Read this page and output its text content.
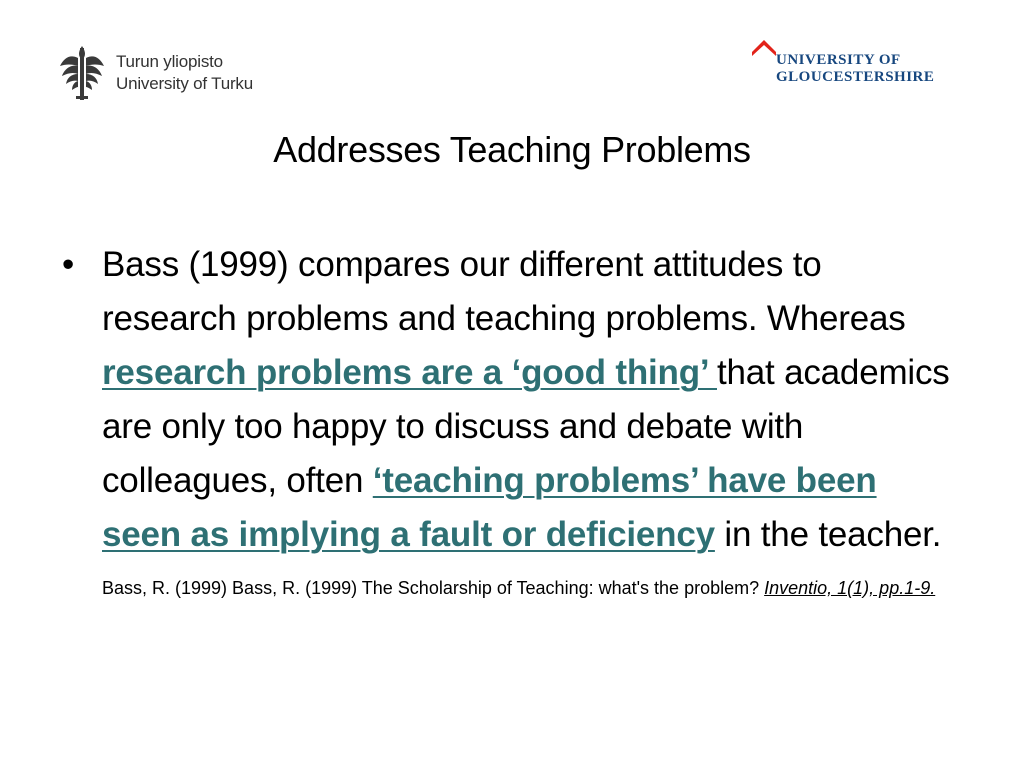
Turun yliopisto
University of Turku
UNIVERSITY OF
GLOUCESTERSHIRE
Addresses Teaching Problems
• Bass (1999) compares our different attitudes to research problems and teaching problems. Whereas research problems are a ‘good thing’ that academics are only too happy to discuss and debate with colleagues, often ‘teaching problems’ have been seen as implying a fault or deficiency in the teacher.
Bass, R. (1999) Bass, R. (1999) The Scholarship of Teaching: what's the problem? Inventio, 1(1), pp.1-9.
